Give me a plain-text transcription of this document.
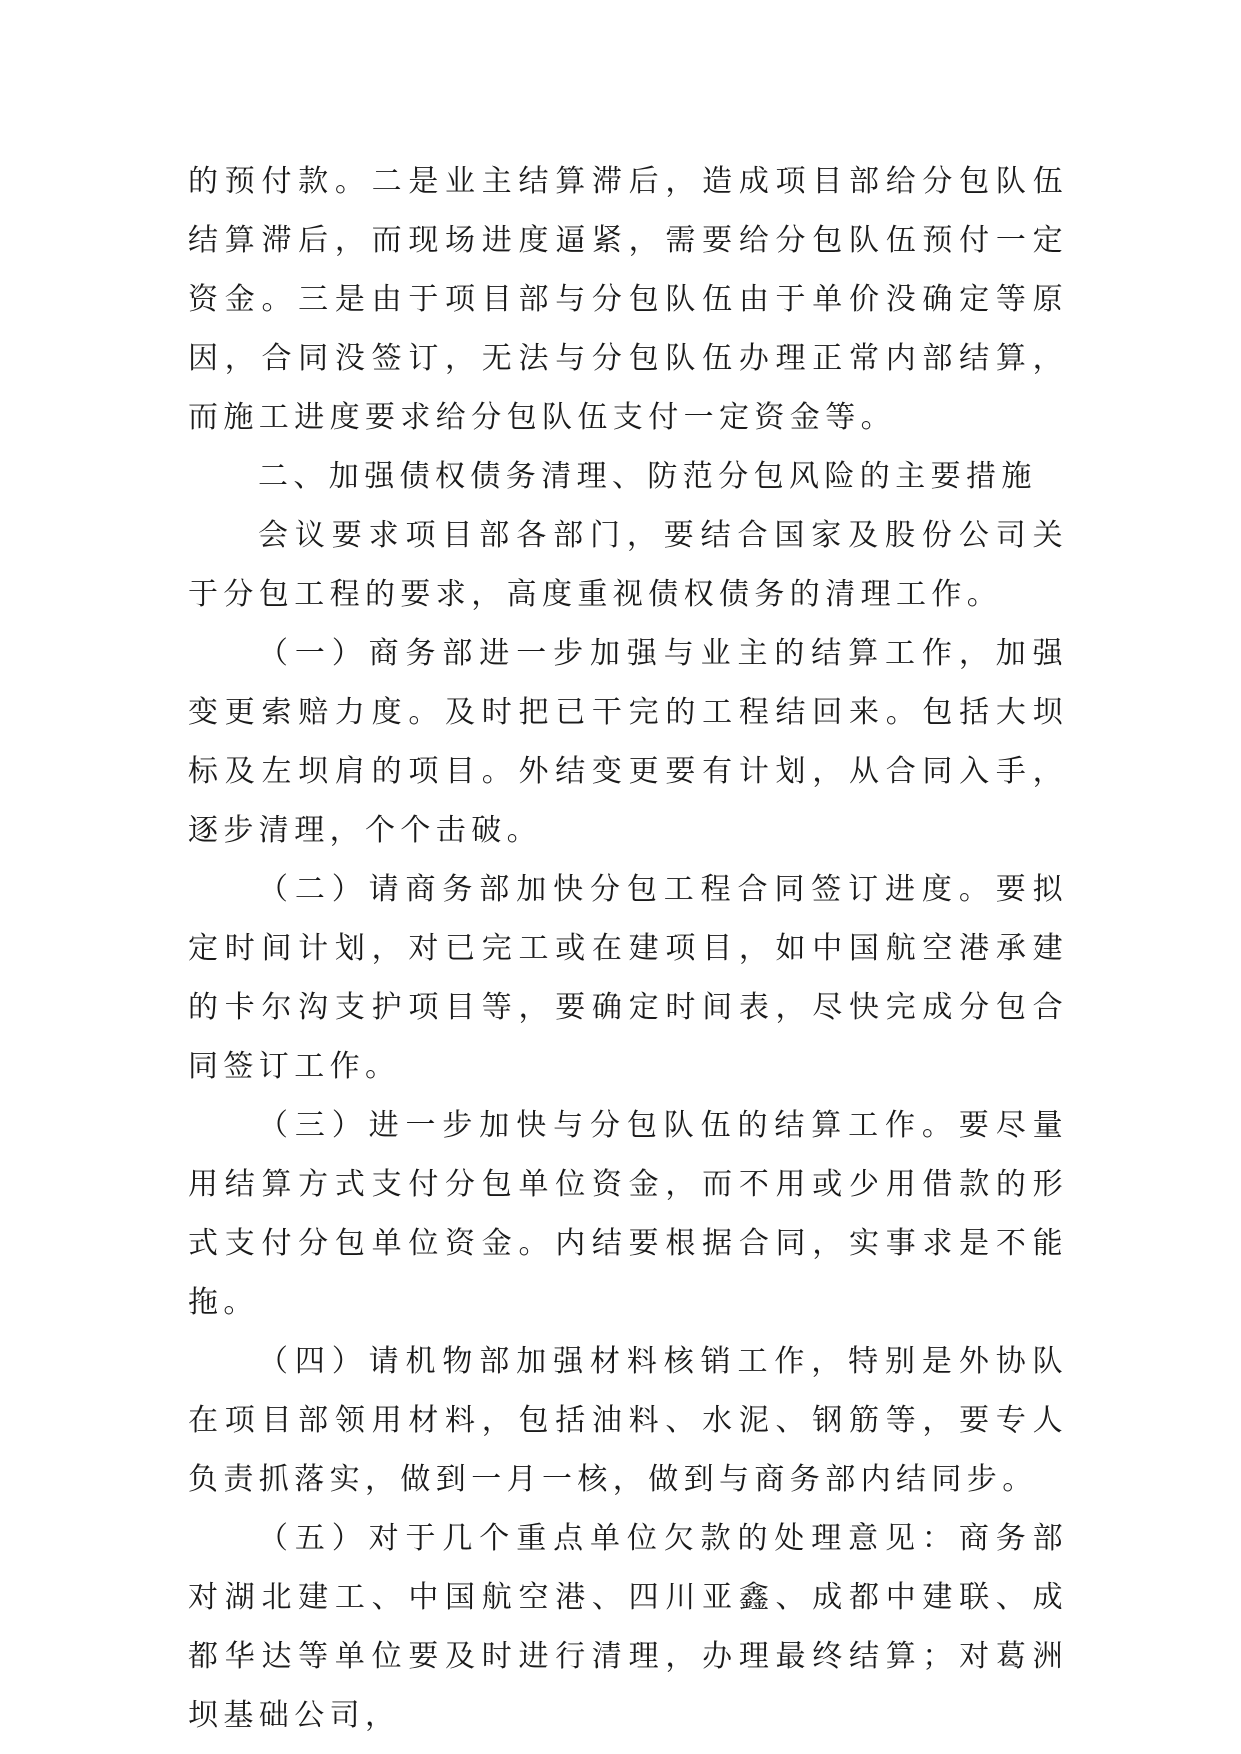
的预付款。二是业主结算滞后，造成项目部给分包队伍结算滞后，而现场进度逼紧，需要给分包队伍预付一定资金。三是由于项目部与分包队伍由于单价没确定等原因，合同没签订，无法与分包队伍办理正常内部结算，而施工进度要求给分包队伍支付一定资金等。

二、加强债权债务清理、防范分包风险的主要措施

会议要求项目部各部门，要结合国家及股份公司关于分包工程的要求，高度重视债权债务的清理工作。

（一）商务部进一步加强与业主的结算工作，加强变更索赔力度。及时把已干完的工程结回来。包括大坝标及左坝肩的项目。外结变更要有计划，从合同入手，逐步清理，个个击破。

（二）请商务部加快分包工程合同签订进度。要拟定时间计划，对已完工或在建项目，如中国航空港承建的卡尔沟支护项目等，要确定时间表，尽快完成分包合同签订工作。

（三）进一步加快与分包队伍的结算工作。要尽量用结算方式支付分包单位资金，而不用或少用借款的形式支付分包单位资金。内结要根据合同，实事求是不能拖。

（四）请机物部加强材料核销工作，特别是外协队在项目部领用材料，包括油料、水泥、钢筋等，要专人负责抓落实，做到一月一核，做到与商务部内结同步。

（五）对于几个重点单位欠款的处理意见：商务部对湖北建工、中国航空港、四川亚鑫、成都中建联、成都华达等单位要及时进行清理，办理最终结算；对葛洲坝基础公司，
